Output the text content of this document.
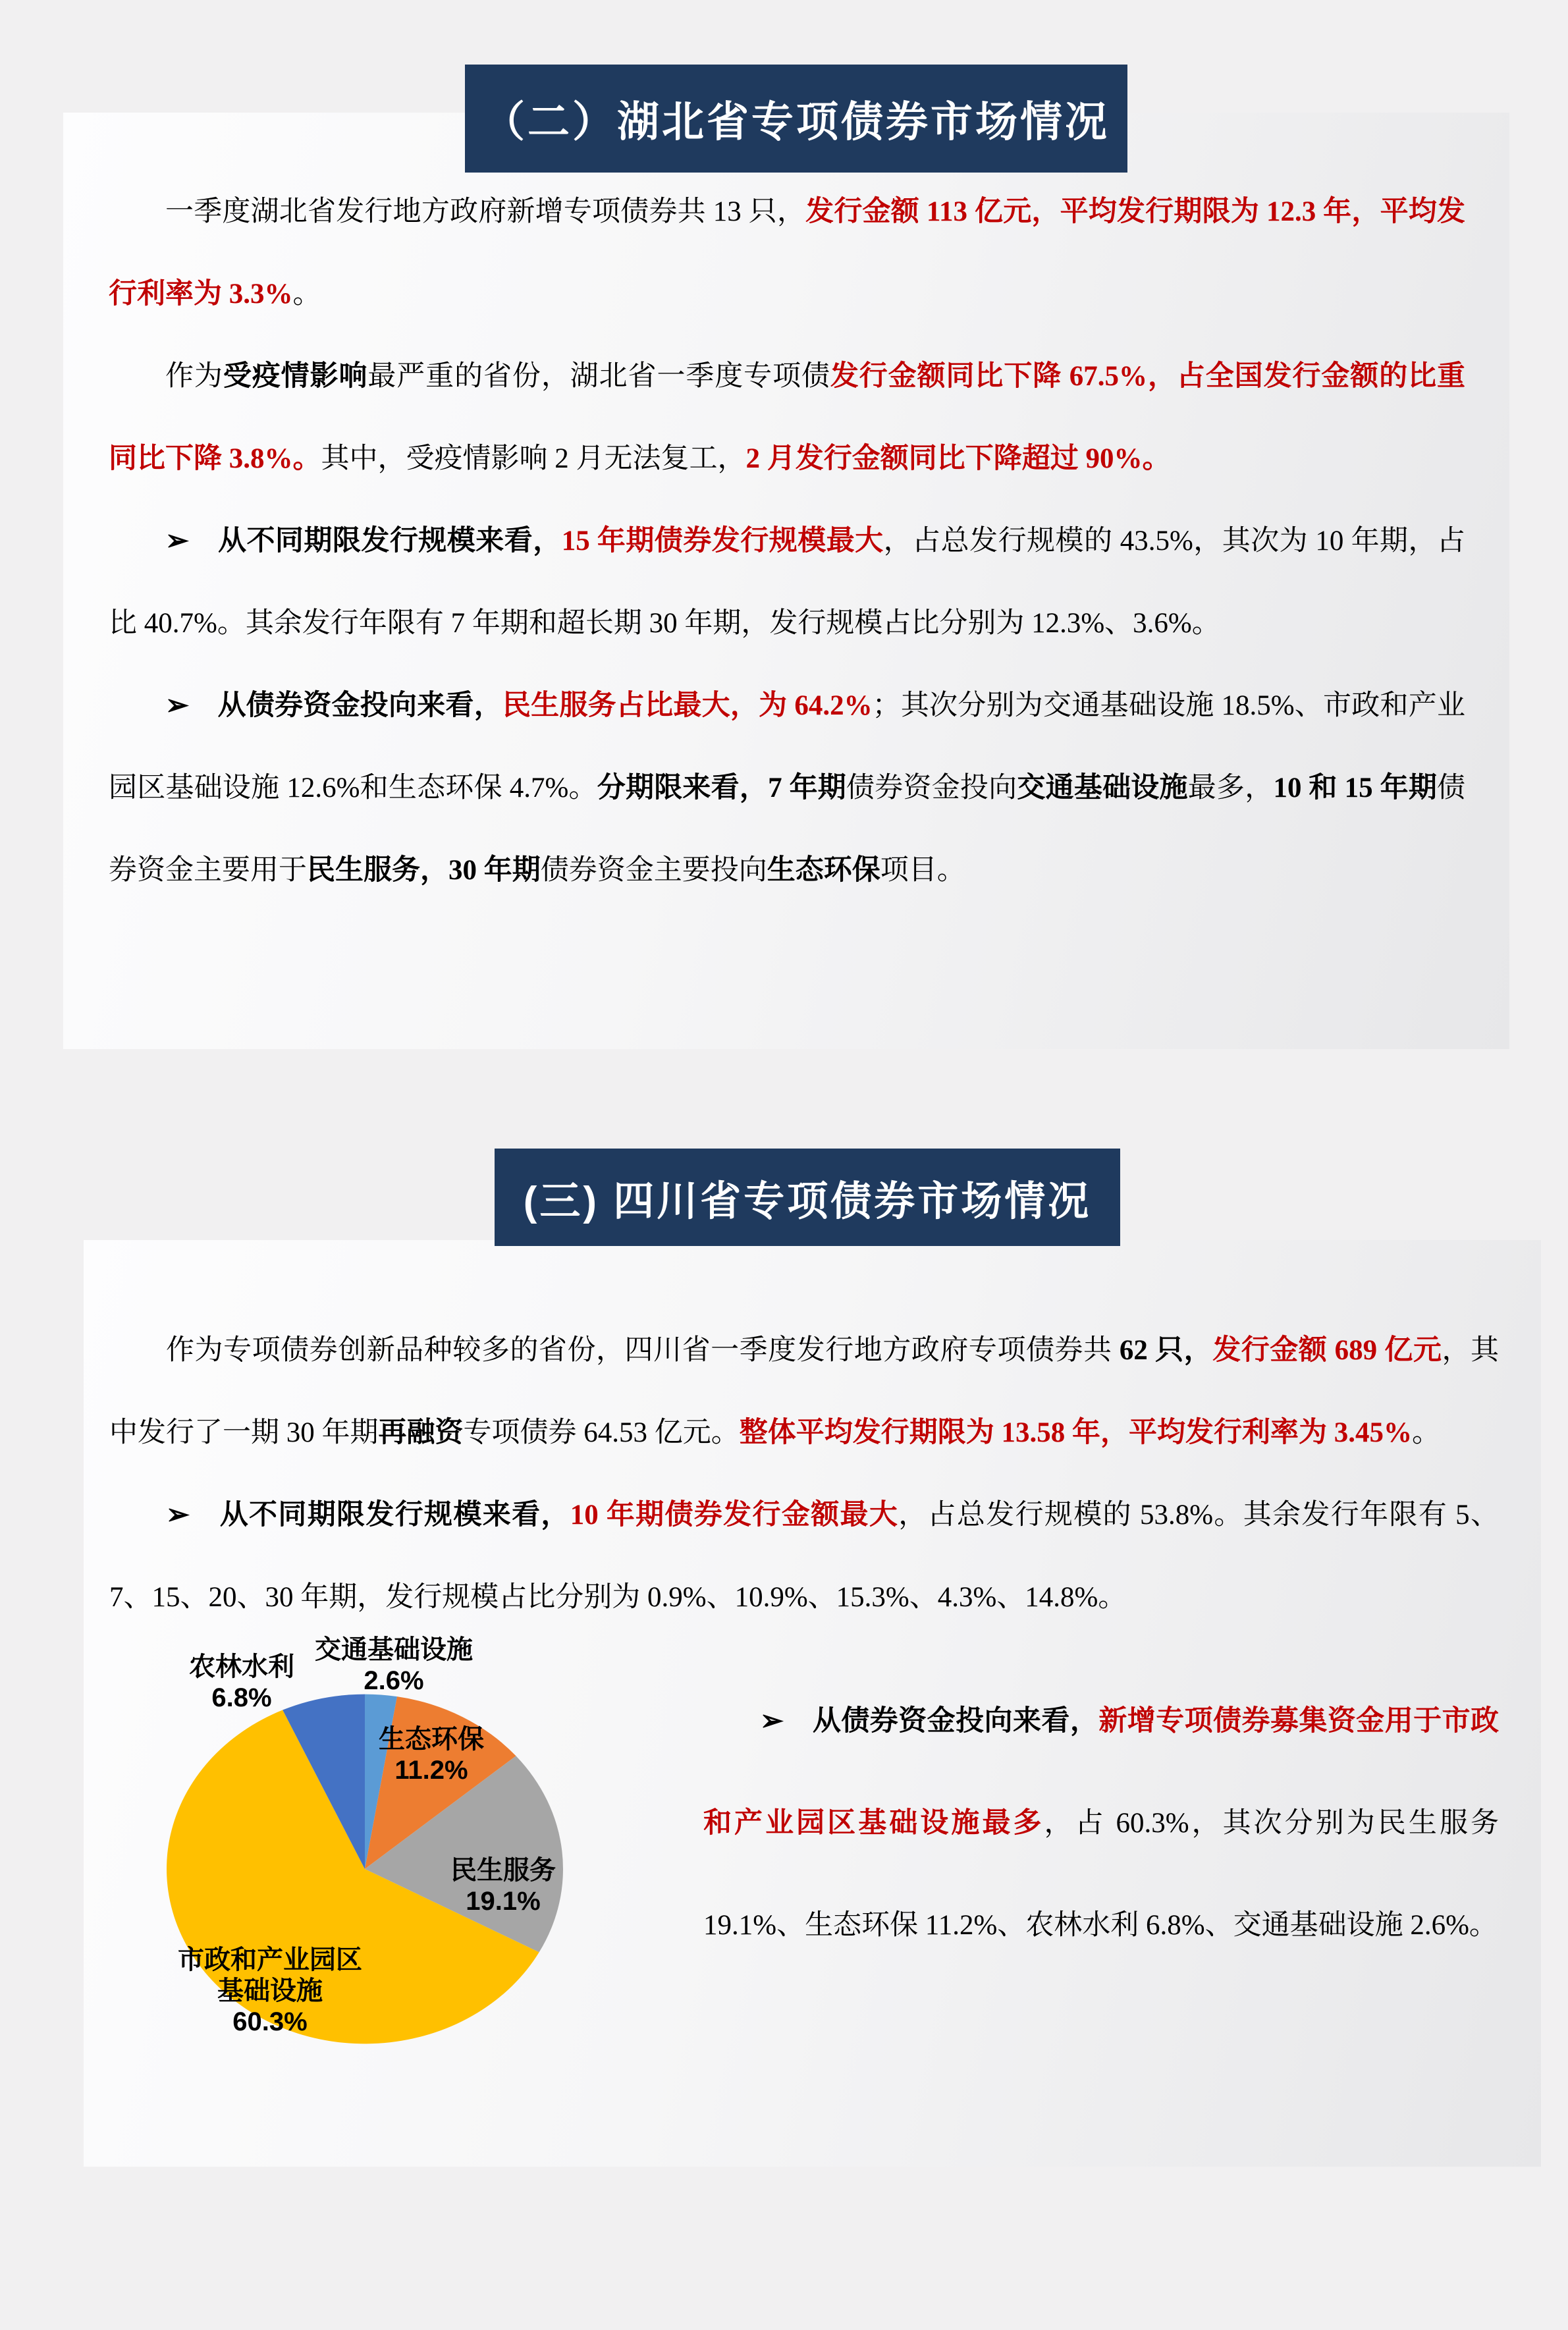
（二）湖北省专项债券市场情况

一季度湖北省发行地方政府新增专项债券共 13 只，发行金额 113 亿元，平均发行期限为 12.3 年，平均发行利率为 3.3%。

作为受疫情影响最严重的省份，湖北省一季度专项债发行金额同比下降 67.5%，占全国发行金额的比重同比下降 3.8%。其中，受疫情影响 2 月无法复工，2 月发行金额同比下降超过 90%。

➢　从不同期限发行规模来看，15 年期债券发行规模最大，占总发行规模的 43.5%，其次为 10 年期，占比 40.7%。其余发行年限有 7 年期和超长期 30 年期，发行规模占比分别为 12.3%、3.6%。

➢　从债券资金投向来看，民生服务占比最大，为 64.2%；其次分别为交通基础设施 18.5%、市政和产业园区基础设施 12.6%和生态环保 4.7%。分期限来看，7 年期债券资金投向交通基础设施最多，10 和 15 年期债券资金主要用于民生服务，30 年期债券资金主要投向生态环保项目。

(三) 四川省专项债券市场情况

作为专项债券创新品种较多的省份，四川省一季度发行地方政府专项债券共 62 只，发行金额 689 亿元，其中发行了一期 30 年期再融资专项债券 64.53 亿元。整体平均发行期限为 13.58 年，平均发行利率为 3.45%。

➢　从不同期限发行规模来看，10 年期债券发行金额最大，占总发行规模的 53.8%。其余发行年限有 5、7、15、20、30 年期，发行规模占比分别为 0.9%、10.9%、15.3%、4.3%、14.8%。

交通基础设施
2.6%
农林水利
6.8%
生态环保
11.2%
民生服务
19.1%
市政和产业园区基础设施
60.3%

➢　从债券资金投向来看，新增专项债券募集资金用于市政和产业园区基础设施最多，占 60.3%，其次分别为民生服务 19.1%、生态环保 11.2%、农林水利 6.8%、交通基础设施 2.6%。
